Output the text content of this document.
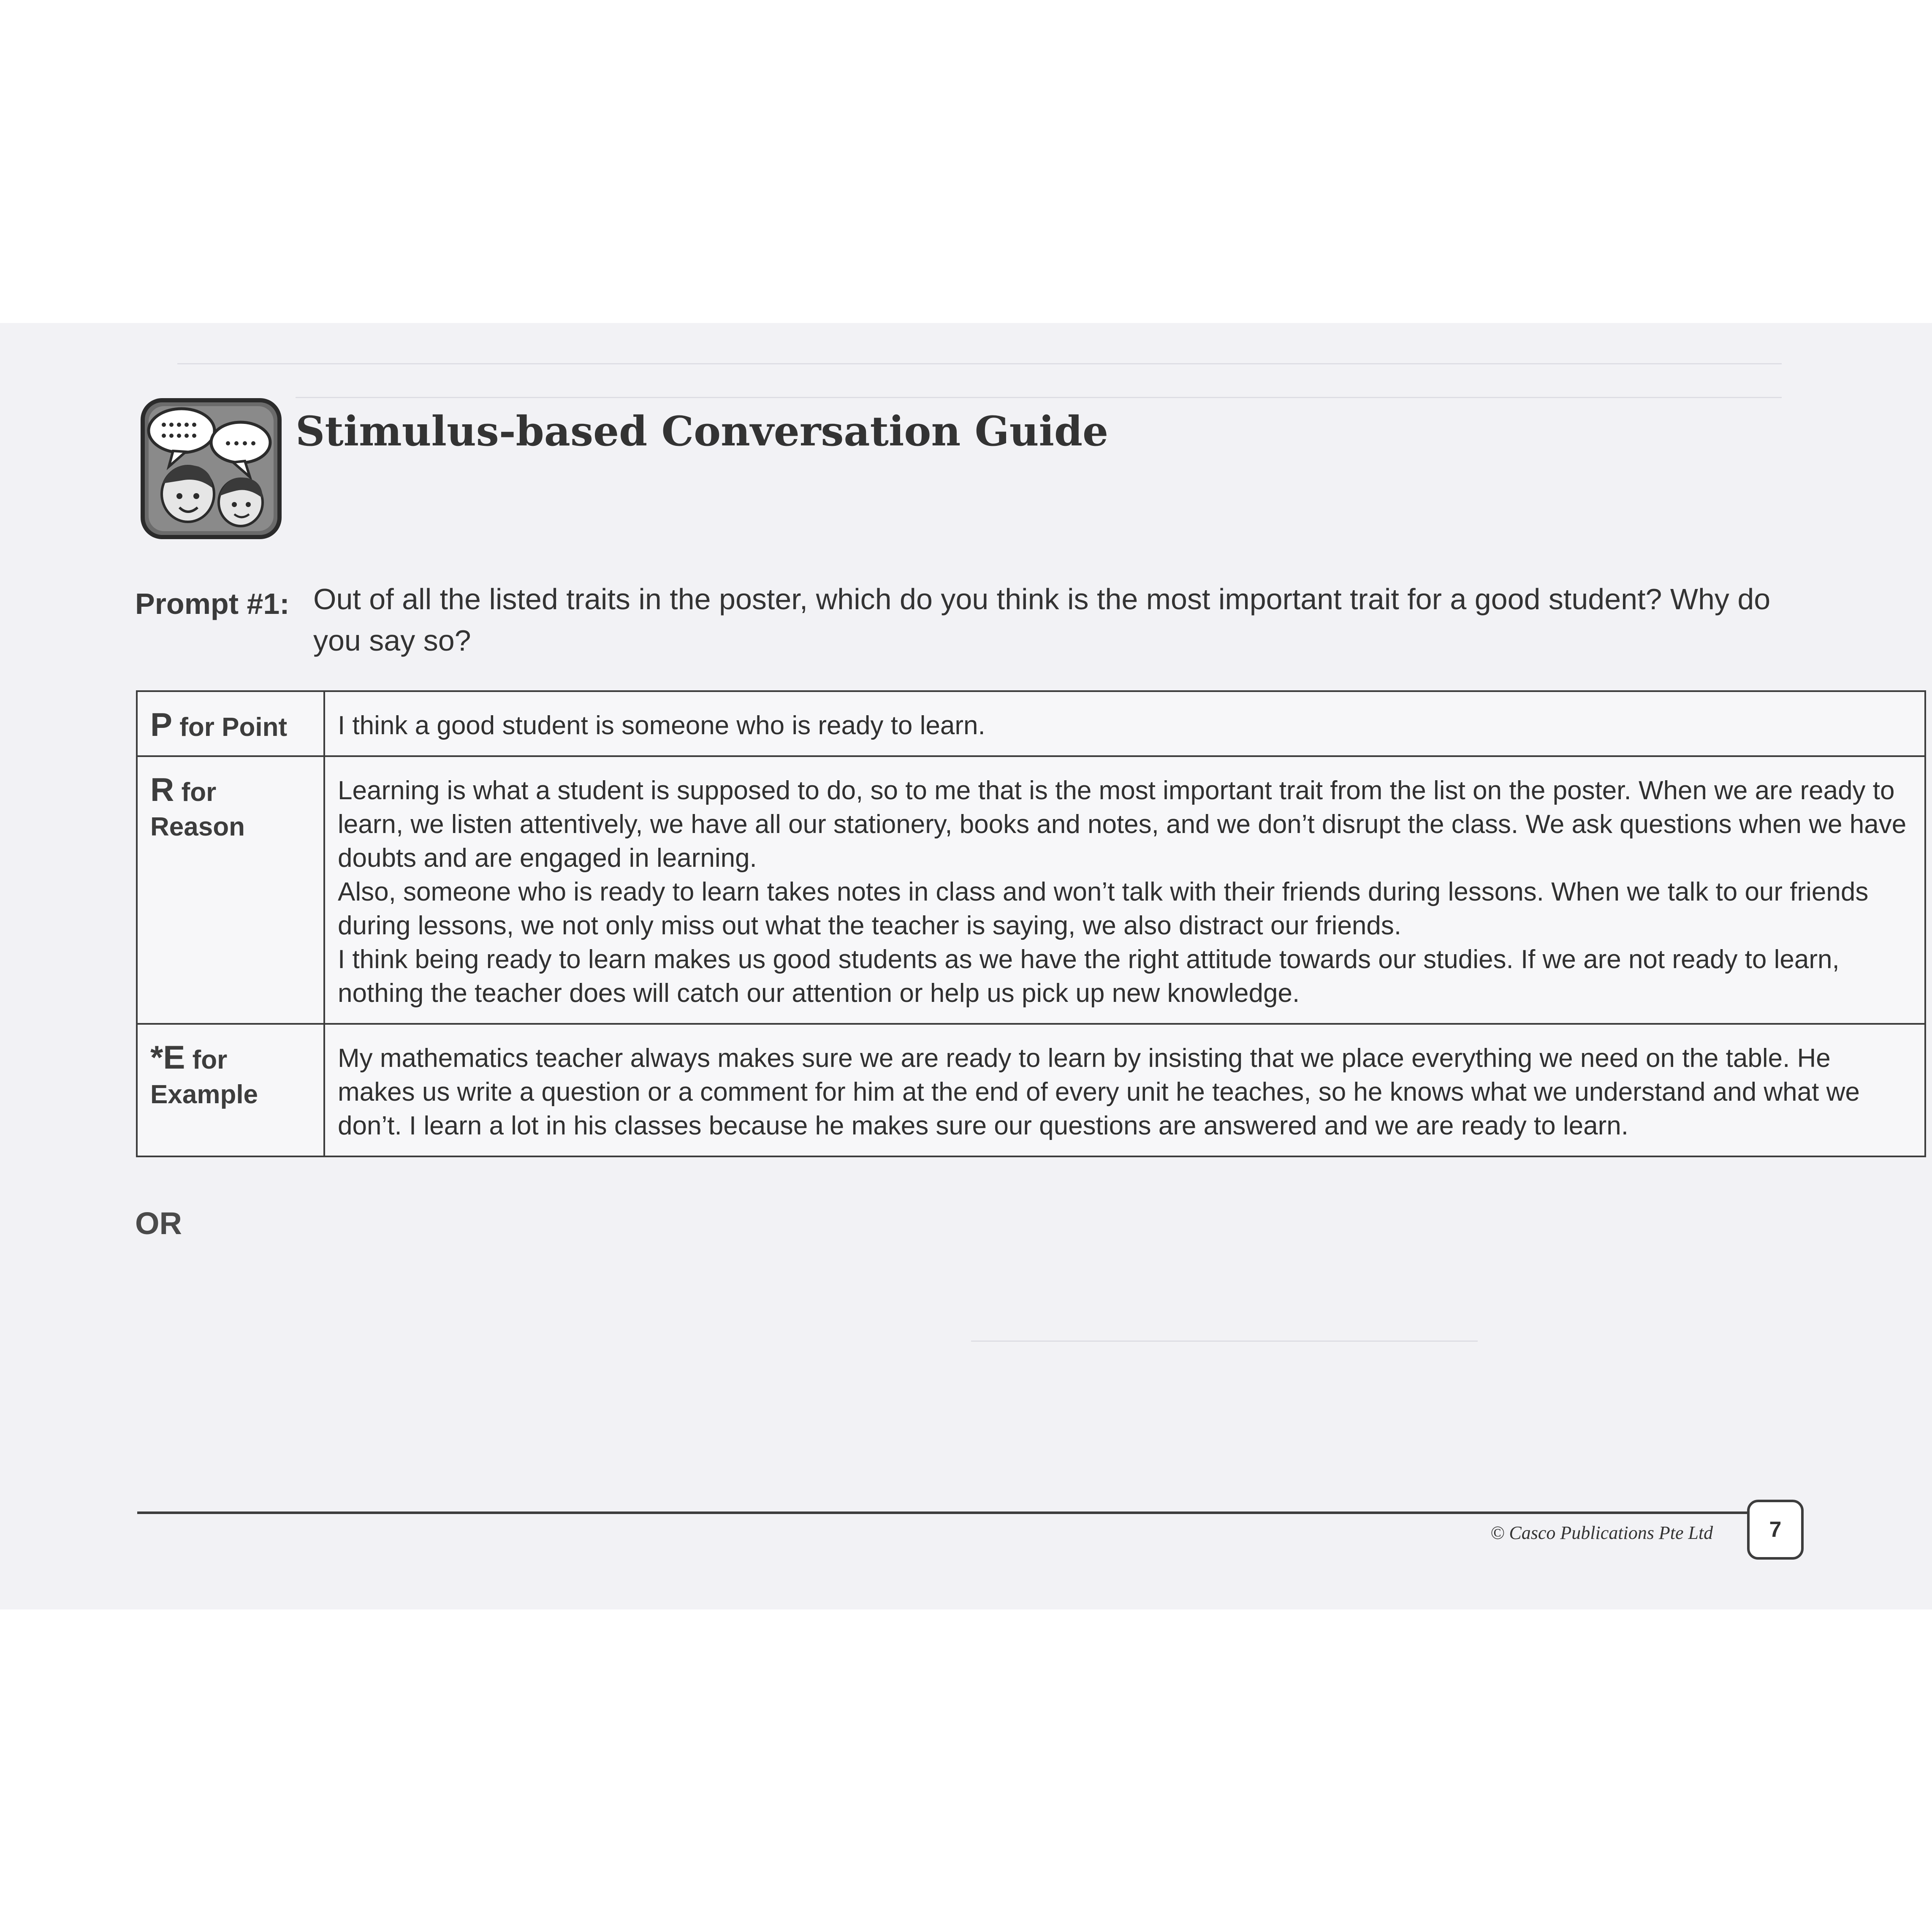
Stimulus-based Conversation Guide
Prompt #1: Out of all the listed traits in the poster, which do you think is the most important trait for a good student? Why do you say so?
P for Point	I think a good student is someone who is ready to learn.

R for Reason	Learning is what a student is supposed to do, so to me that is the most important trait from the list on the poster. When we are ready to learn, we listen attentively, we have all our stationery, books and notes, and we don’t disrupt the class. We ask questions when we have doubts and are engaged in learning.

Also, someone who is ready to learn takes notes in class and won’t talk with their friends during lessons. When we talk to our friends during lessons, we not only miss out what the teacher is saying, we also distract our friends.

I think being ready to learn makes us good students as we have the right attitude towards our studies. If we are not ready to learn, nothing the teacher does will catch our attention or help us pick up new knowledge.

*E for Example	My mathematics teacher always makes sure we are ready to learn by insisting that we place everything we need on the table. He makes us write a question or a comment for him at the end of every unit he teaches, so he knows what we understand and what we don’t. I learn a lot in his classes because he makes sure our questions are answered and we are ready to learn.

OR
© Casco Publications Pte Ltd	7
